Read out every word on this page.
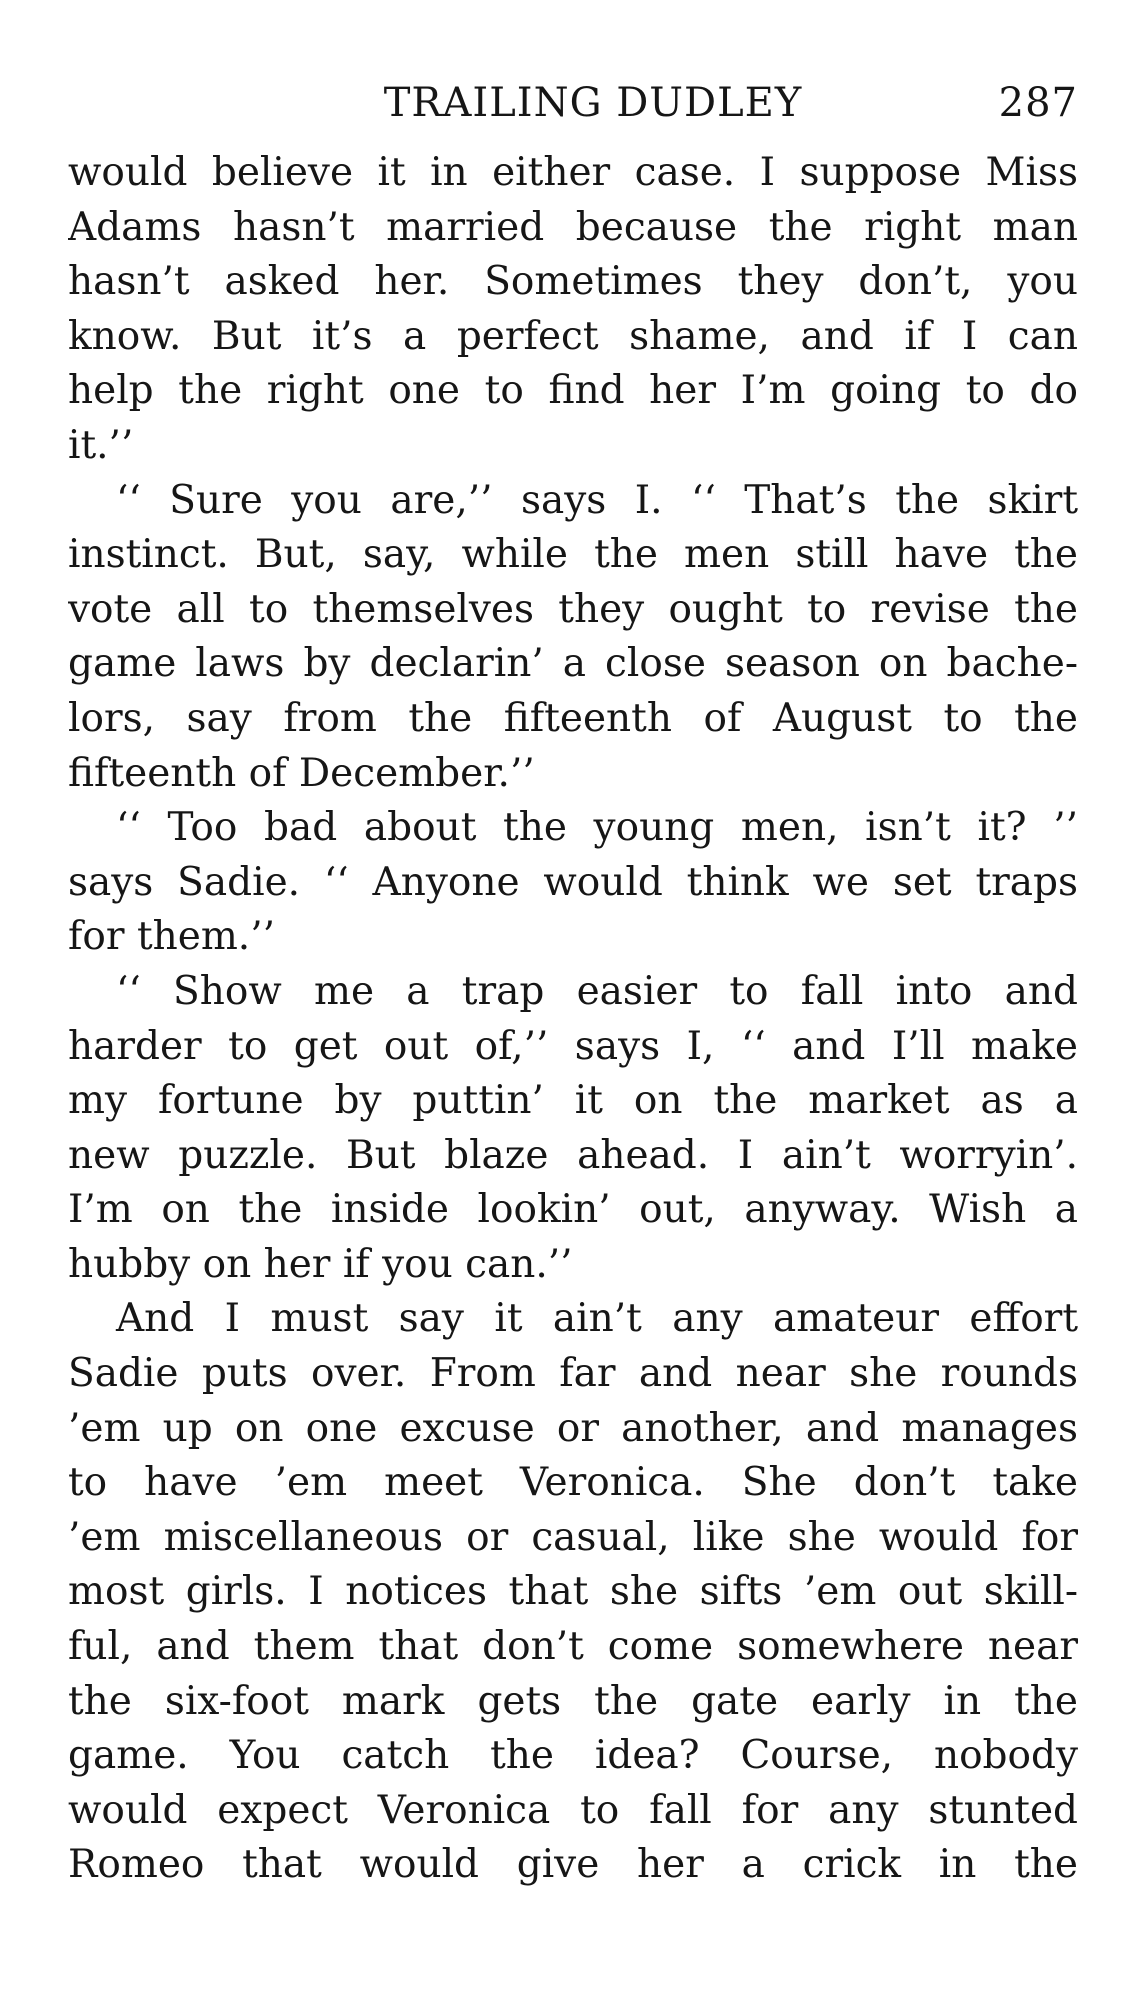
TRAILING DUDLEY	287
would believe it in either case. I suppose Miss
Adams hasn’t married because the right man
hasn’t asked her. Sometimes they don’t, you
know. But it’s a perfect shame, and if I can
help the right one to find her I’m going to do
it.’’
‘‘ Sure you are,’’ says I. ‘‘ That’s the skirt
instinct. But, say, while the men still have the
vote all to themselves they ought to revise the
game laws by declarin’ a close season on bache-
lors, say from the fifteenth of August to the
fifteenth of December.’’
‘‘ Too bad about the young men, isn’t it? ’’
says Sadie. ‘‘ Anyone would think we set traps
for them.’’
‘‘ Show me a trap easier to fall into and
harder to get out of,’’ says I, ‘‘ and I’ll make
my fortune by puttin’ it on the market as a
new puzzle. But blaze ahead. I ain’t worryin’.
I’m on the inside lookin’ out, anyway. Wish a
hubby on her if you can.’’
And I must say it ain’t any amateur effort
Sadie puts over. From far and near she rounds
’em up on one excuse or another, and manages
to have ’em meet Veronica. She don’t take
’em miscellaneous or casual, like she would for
most girls. I notices that she sifts ’em out skill-
ful, and them that don’t come somewhere near
the six-foot mark gets the gate early in the
game. You catch the idea? Course, nobody
would expect Veronica to fall for any stunted
Romeo that would give her a crick in the
